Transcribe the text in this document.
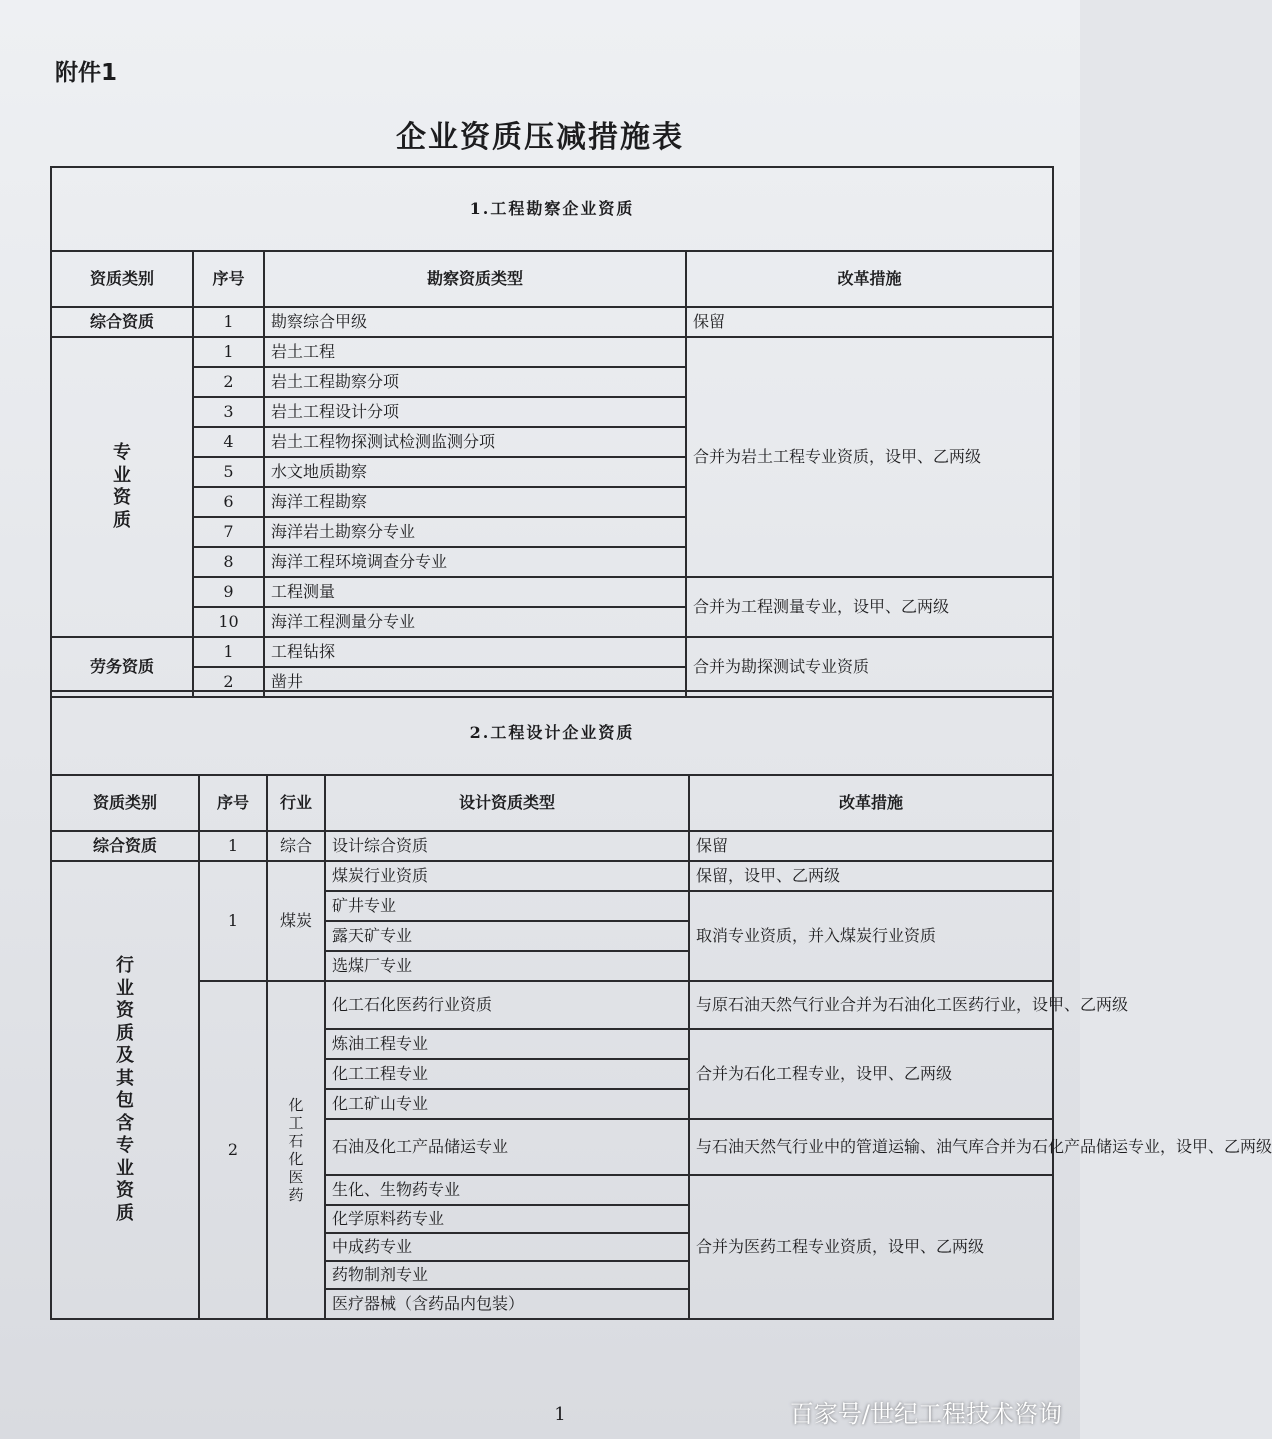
附件1
企业资质压减措施表
1.工程勘察企业资质			
资质类别	序号	勘察资质类型	改革措施
综合资质	1	勘察综合甲级	保留

专业资质	1	岩土工程	合并为岩土工程专业资质，设甲、乙两级
	2	岩土工程勘察分项	
	3	岩土工程设计分项	
	4	岩土工程物探测试检测监测分项	
	5	水文地质勘察	
	6	海洋工程勘察	
	7	海洋岩土勘察分专业	
	8	海洋工程环境调查分专业	
	9	工程测量	合并为工程测量专业，设甲、乙两级
	10	海洋工程测量分专业	
劳务资质	1	工程钻探	合并为勘探测试专业资质
	2	凿井	
2.工程设计企业资质				
资质类别	序号	行业	设计资质类型	改革措施
综合资质	1	综合	设计综合资质	保留

行业资质及其包含专业资质	1	煤炭	煤炭行业资质	保留，设甲、乙两级
			矿井专业	取消专业资质，并入煤炭行业资质
			露天矿专业	
			选煤厂专业	
	2	化工石化医药	化工石化医药行业资质	与原石油天然气行业合并为石油化工医药行业，设甲、乙两级
			炼油工程专业	合并为石化工程专业，设甲、乙两级
			化工工程专业	
			化工矿山专业	
			石油及化工产品储运专业	与石油天然气行业中的管道运输、油气库合并为石化产品储运专业，设甲、乙两级
			生化、生物药专业	合并为医药工程专业资质，设甲、乙两级
			化学原料药专业	
			中成药专业	
			药物制剂专业	
			医疗器械（含药品内包装）	
1	百家号/世纪工程技术咨询
